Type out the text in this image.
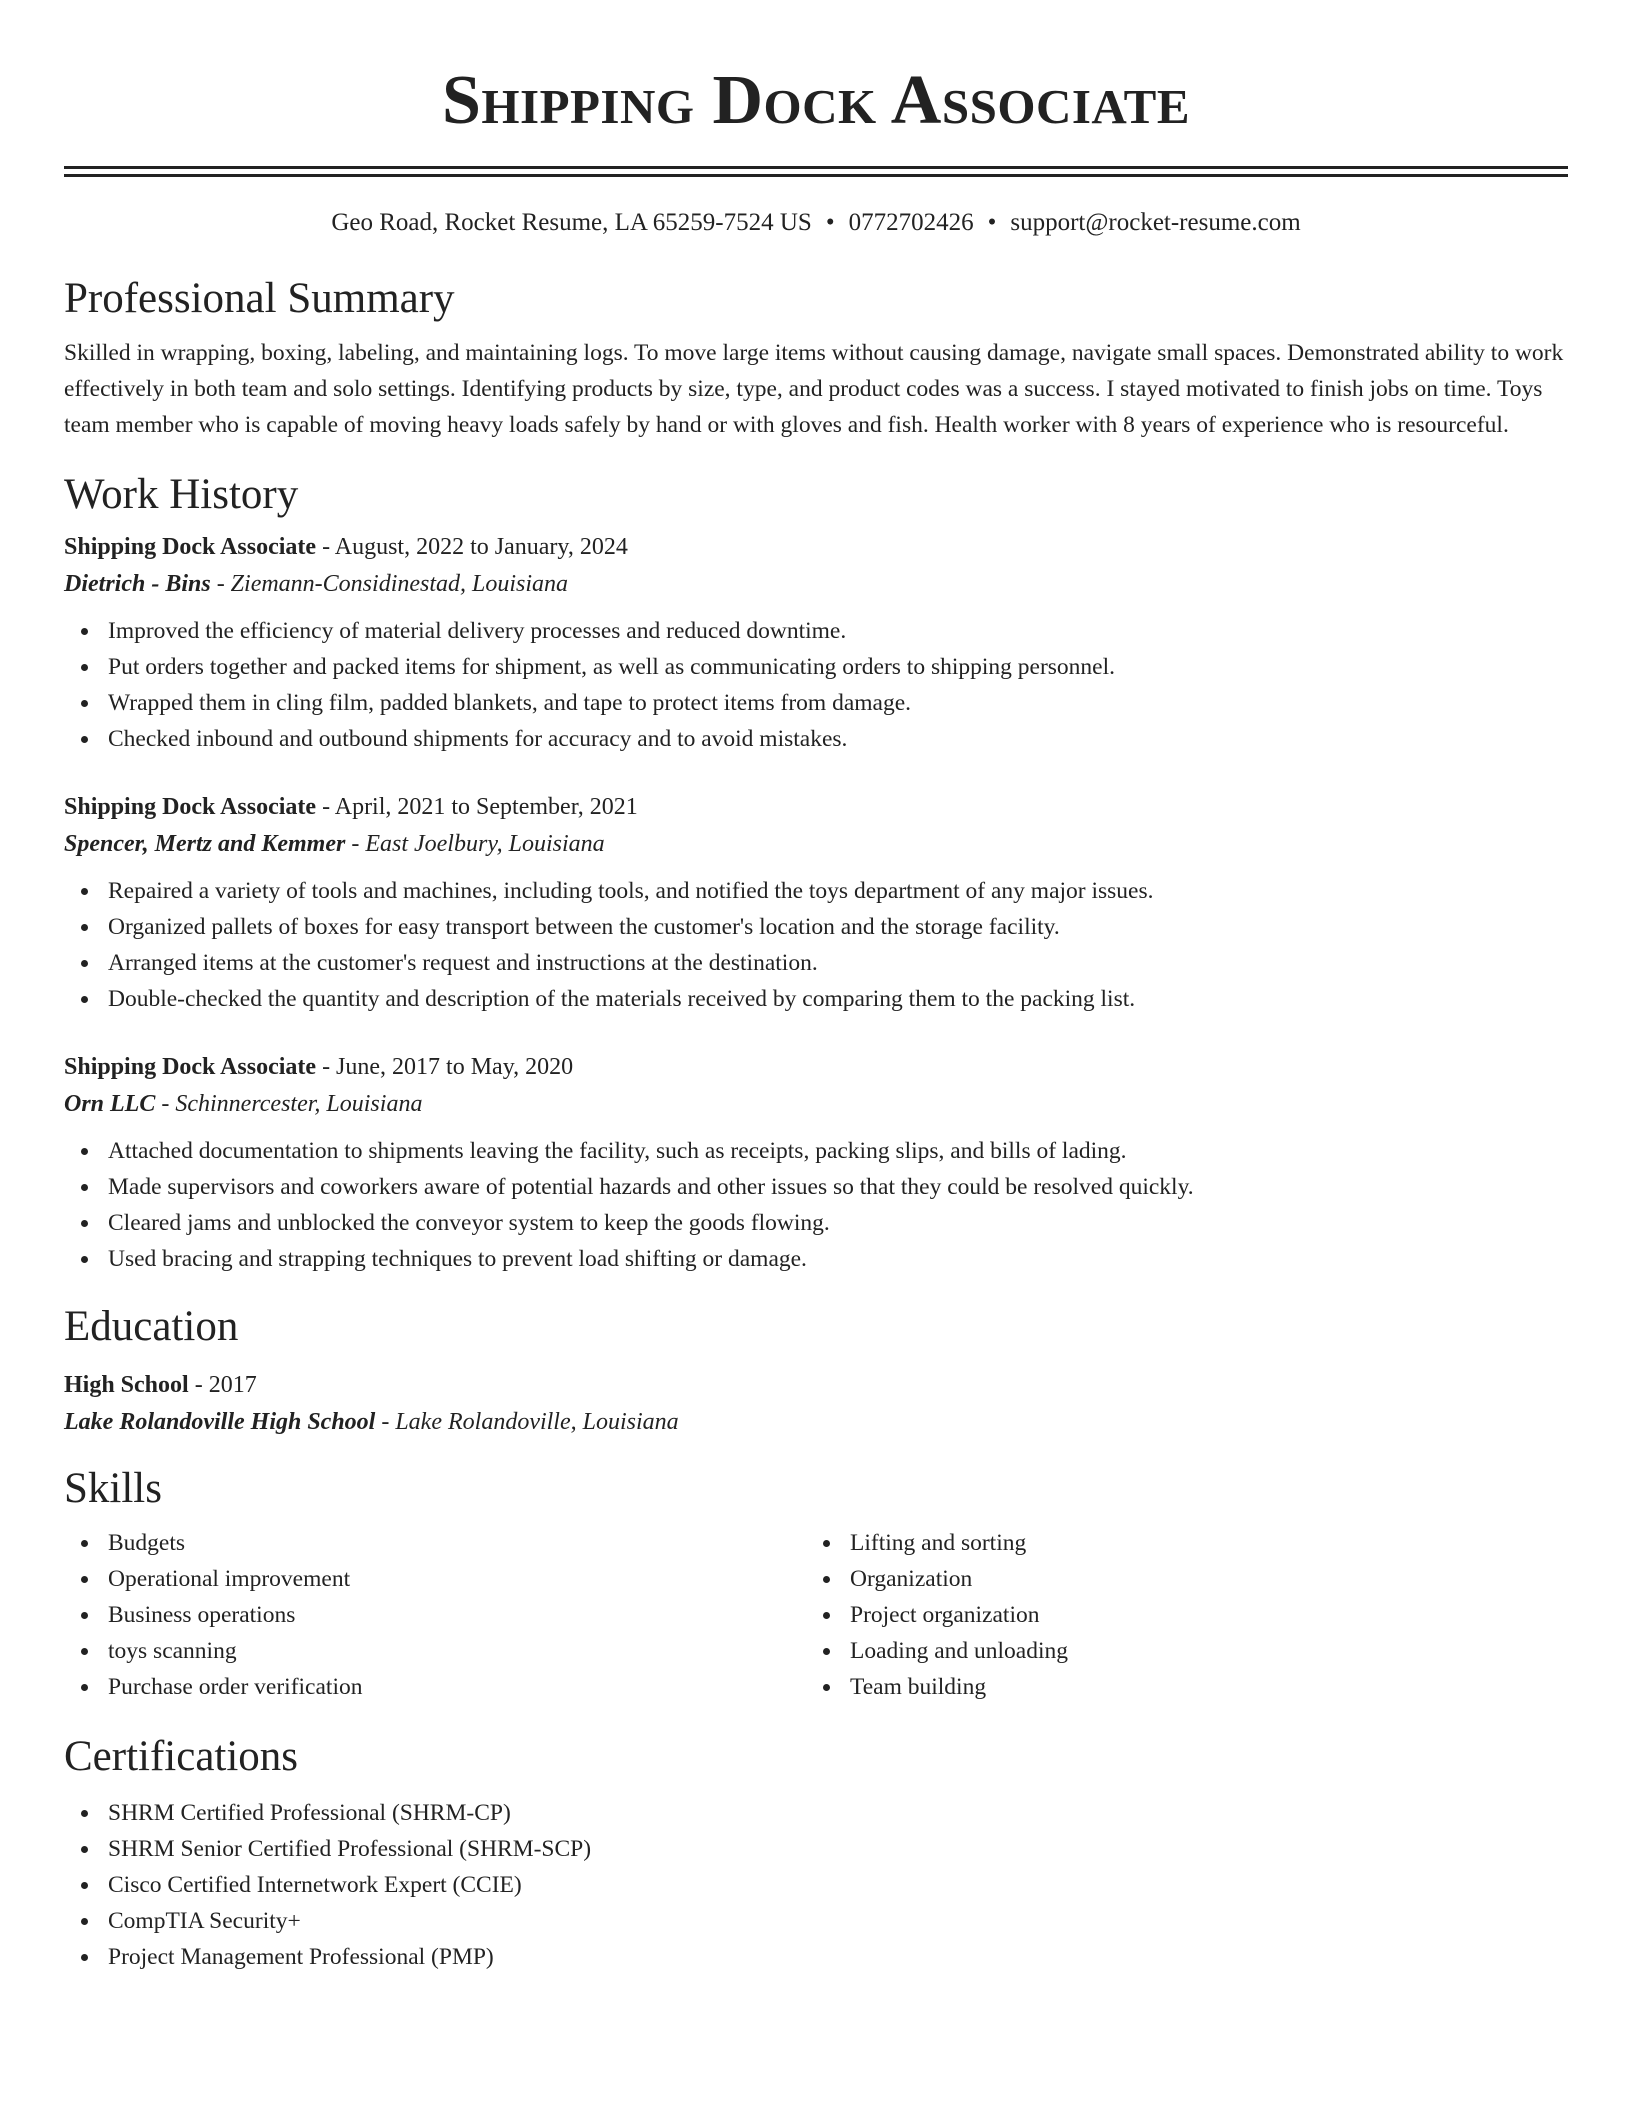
Shipping Dock Associate
Geo Road, Rocket Resume, LA 65259-7524 US • 0772702426 • support@rocket-resume.com
Professional Summary

Skilled in wrapping, boxing, labeling, and maintaining logs. To move large items without causing damage, navigate small spaces. Demonstrated ability to work effectively in both team and solo settings. Identifying products by size, type, and product codes was a success. I stayed motivated to finish jobs on time. Toys team member who is capable of moving heavy loads safely by hand or with gloves and fish. Health worker with 8 years of experience who is resourceful.

Work History

Shipping Dock Associate - August, 2022 to January, 2024

Dietrich - Bins - Ziemann-Considinestad, Louisiana

Improved the efficiency of material delivery processes and reduced downtime.
Put orders together and packed items for shipment, as well as communicating orders to shipping personnel.
Wrapped them in cling film, padded blankets, and tape to protect items from damage.
Checked inbound and outbound shipments for accuracy and to avoid mistakes.

Shipping Dock Associate - April, 2021 to September, 2021

Spencer, Mertz and Kemmer - East Joelbury, Louisiana

Repaired a variety of tools and machines, including tools, and notified the toys department of any major issues.
Organized pallets of boxes for easy transport between the customer's location and the storage facility.
Arranged items at the customer's request and instructions at the destination.
Double-checked the quantity and description of the materials received by comparing them to the packing list.

Shipping Dock Associate - June, 2017 to May, 2020

Orn LLC - Schinnercester, Louisiana

Attached documentation to shipments leaving the facility, such as receipts, packing slips, and bills of lading.
Made supervisors and coworkers aware of potential hazards and other issues so that they could be resolved quickly.
Cleared jams and unblocked the conveyor system to keep the goods flowing.
Used bracing and strapping techniques to prevent load shifting or damage.
Education

High School - 2017

Lake Rolandoville High School - Lake Rolandoville, Louisiana

Skills
Budgets
Operational improvement
Business operations
toys scanning
Purchase order verification
Lifting and sorting
Organization
Project organization
Loading and unloading
Team building
Certifications
SHRM Certified Professional (SHRM-CP)
SHRM Senior Certified Professional (SHRM-SCP)
Cisco Certified Internetwork Expert (CCIE)
CompTIA Security+
Project Management Professional (PMP)
